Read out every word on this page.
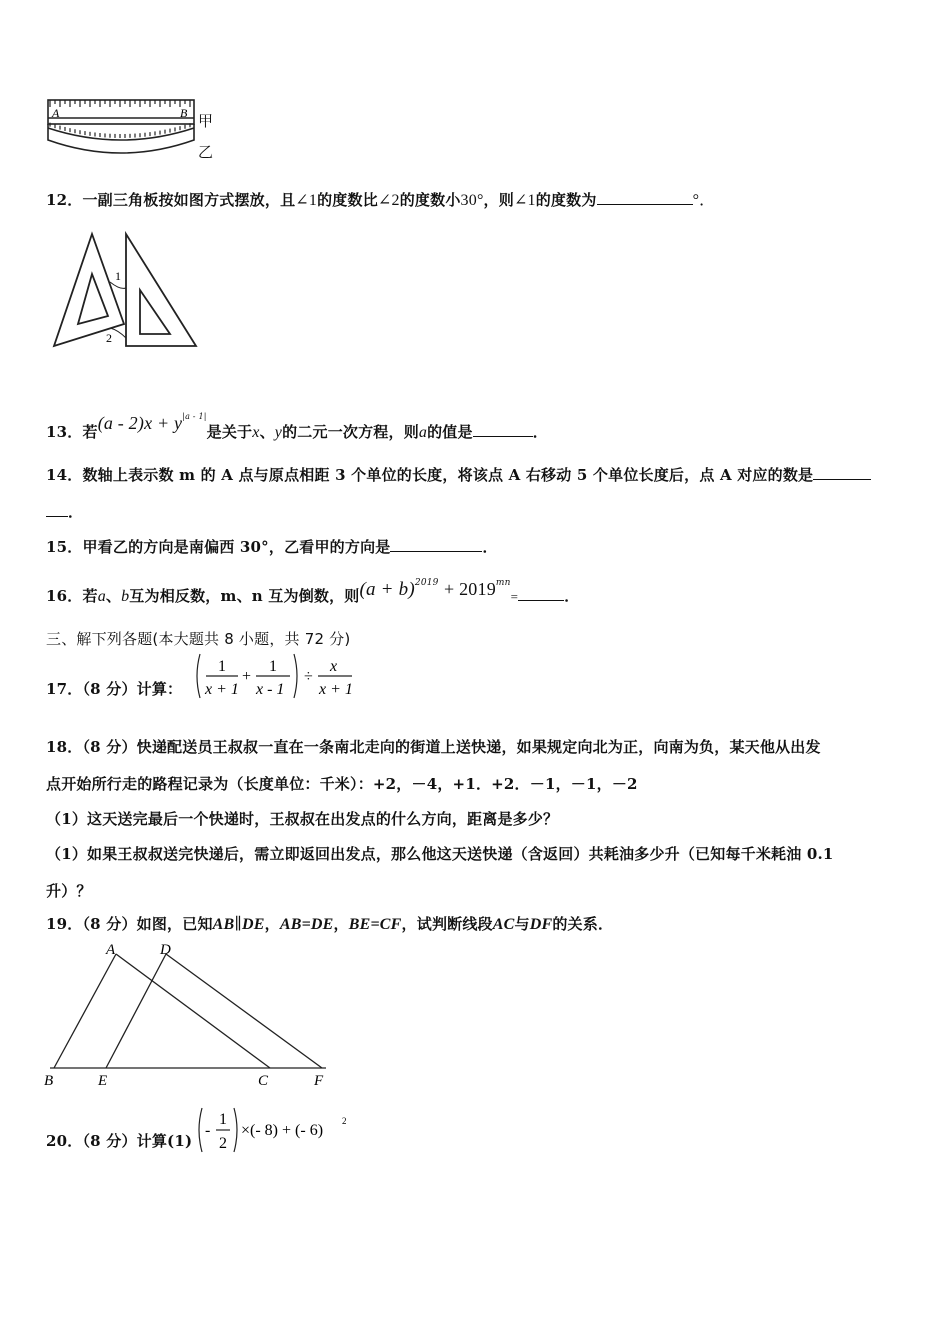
A	B 甲
乙
12．一副三角板按如图方式摆放，且∠1的度数比∠2的度数小30°，则∠1的度数为	°．
1
2
13．若$(a - 2)x + y^{|a - 1|}$是关于x、y的二元一次方程，则a的值是	．
14．数轴上表示数 m 的 A 点与原点相距 3 个单位的长度，将该点 A 右移动 5 个单位长度后，点 A 对应的数是
．
15．甲看乙的方向是南偏西 30°，乙看甲的方向是	．
16．若a、b互为相反数，m、n 互为倒数，则$(a + b)^{2019} + 2019^{mn}=$	．
三、解下列各题(本大题共 8 小题，共 72 分)
17．（8 分）计算：
1
x + 1
+
1
x - 1
÷
x
x + 1
18．（8 分）快递配送员王叔叔一直在一条南北走向的街道上送快递，如果规定向北为正，向南为负，某天他从出发
点开始所行走的路程记录为（长度单位：千米）：+2，－4，+1．+2．－1，－1，－2
（1）这天送完最后一个快递时，王叔叔在出发点的什么方向，距离是多少？
（1）如果王叔叔送完快递后，需立即返回出发点，那么他这天送快递（含返回）共耗油多少升（已知每千米耗油 0.1
升）？
19．（8 分）如图，已知AB∥DE，AB=DE，BE=CF，试判断线段AC与DF的关系．
A	D
B	E	C	F
20．（8 分）计算(1)
-
1
2
×(- 8) + (- 6)
2
